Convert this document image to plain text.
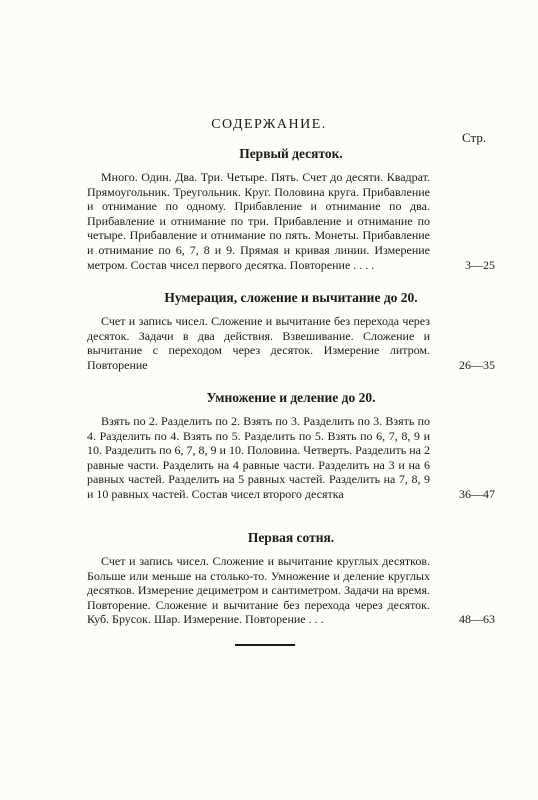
СОДЕРЖАНИЕ.
Стр.
Первый десяток.
Много. Один. Два. Три. Четыре. Пять. Счет до десяти. Квадрат. Прямоугольник. Треугольник. Круг. Половина круга. Прибавление и отнимание по одному. Прибавление и отнимание по два. Прибавление и отнимание по три. Прибавление и отнимание по четыре. Прибавление и отнимание по пять. Монеты. Прибавление и отнимание по 6, 7, 8 и 9. Прямая и кривая линии. Измерение метром. Состав чисел первого десятка. Повторение . . . .	3—25
Нумерация, сложение и вычитание до 20.
Счет и запись чисел. Сложение и вычитание без перехода через десяток. Задачи в два действия. Взвешивание. Сложение и вычитание с переходом через десяток. Измерение литром. Повторение	26—35
Умножение и деление до 20.
Взять по 2. Разделить по 2. Взять по 3. Разделить по 3. Взять по 4. Разделить по 4. Взять по 5. Разделить по 5. Взять по 6, 7, 8, 9 и 10. Разделить по 6, 7, 8, 9 и 10. Половина. Четверть. Разделить на 2 равные части. Разделить на 4 равные части. Разделить на 3 и на 6 равных частей. Разделить на 5 равных частей. Разделить на 7, 8, 9 и 10 равных частей. Состав чисел второго десятка	36—47
Первая сотня.
Счет и запись чисел. Сложение и вычитание круглых десятков. Больше или меньше на столько-то. Умножение и деление круглых десятков. Измерение дециметром и сантиметром. Задачи на время. Повторение. Сложение и вычитание без перехода через десяток. Куб. Брусок. Шар. Измерение. Повторение . . .	48—63
